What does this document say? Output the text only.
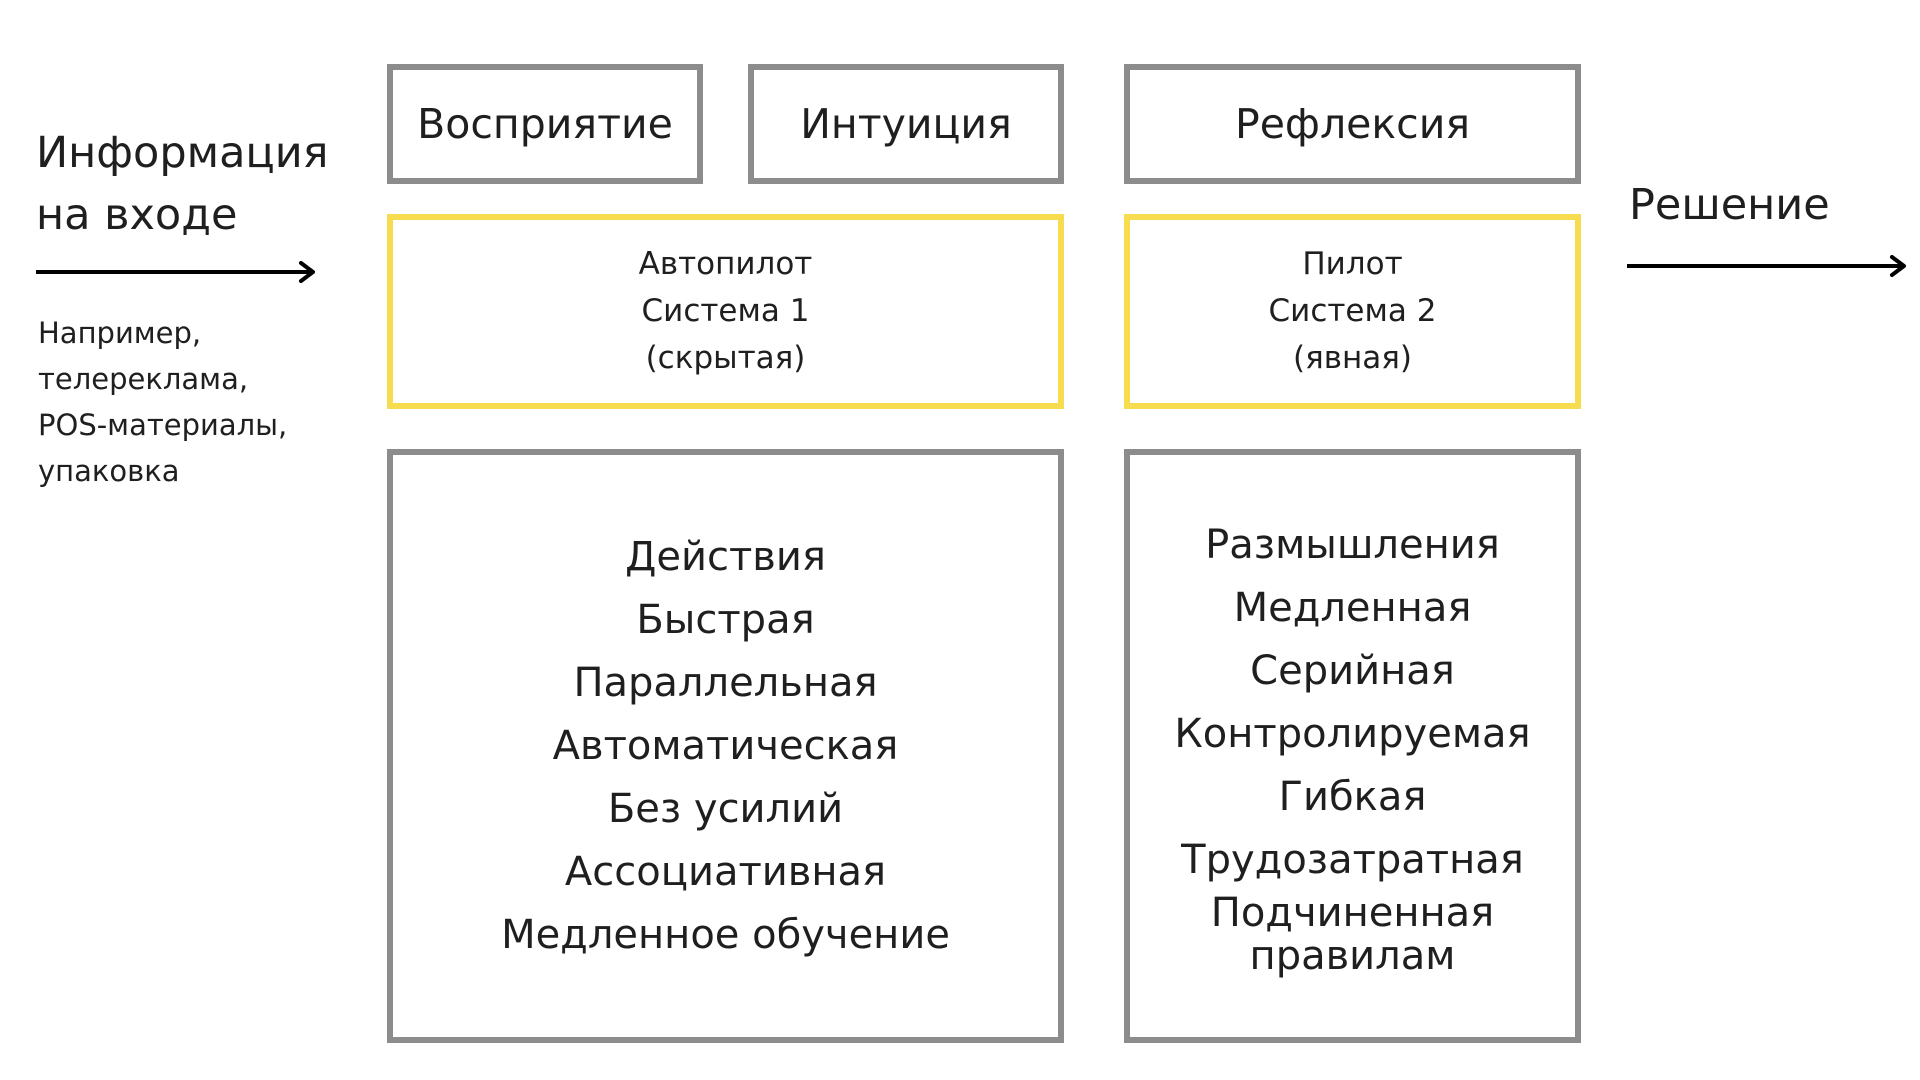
Информация
на входе
Например,
телереклама,
POS-материалы,
упаковка
Восприятие	Интуиция	Рефлексия
Автопилот
Система 1
(скрытая)
Пилот
Система 2
(явная)
Действия
Быстрая
Параллельная
Автоматическая
Без усилий
Ассоциативная
Медленное обучение
Размышления
Медленная
Серийная
Контролируемая
Гибкая
Трудозатратная
Подчиненная
правилам
Решение
